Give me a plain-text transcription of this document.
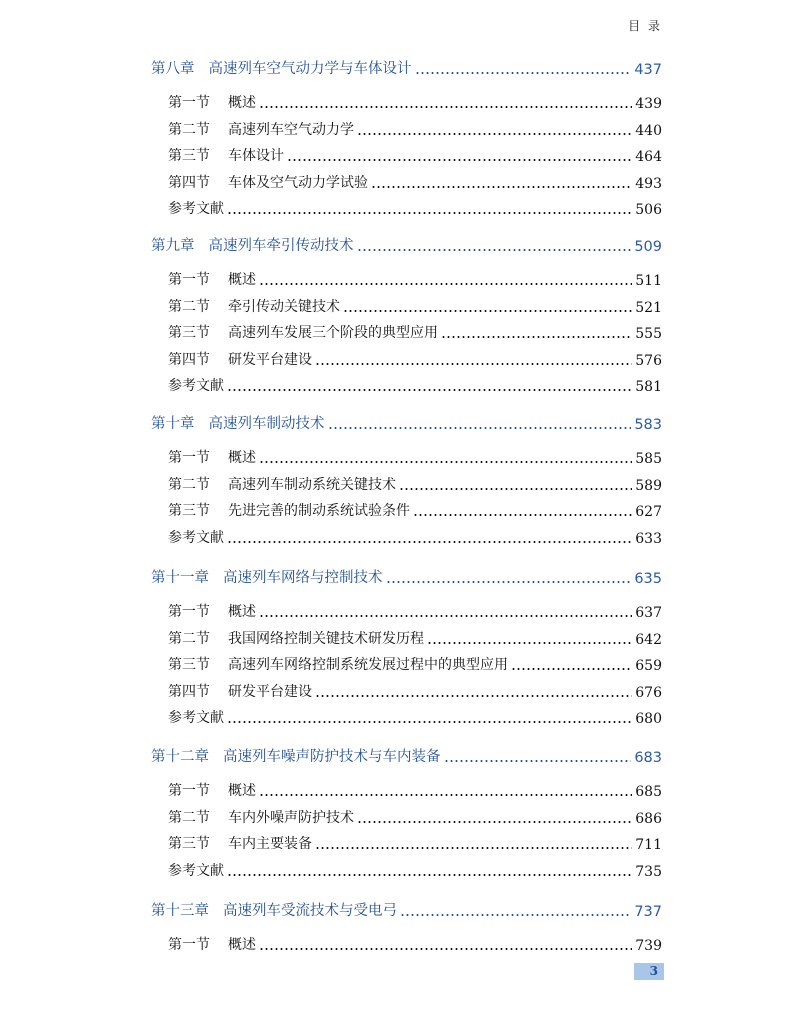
目 录
第八章 高速列车空气动力学与车体设计	437
第一节	概述	439
第二节	高速列车空气动力学	440
第三节	车体设计	464
第四节	车体及空气动力学试验	493
参考文献	506
第九章 高速列车牵引传动技术	509
第一节	概述	511
第二节	牵引传动关键技术	521
第三节	高速列车发展三个阶段的典型应用	555
第四节	研发平台建设	576
参考文献	581
第十章 高速列车制动技术	583
第一节	概述	585
第二节	高速列车制动系统关键技术	589
第三节	先进完善的制动系统试验条件	627
参考文献	633
第十一章 高速列车网络与控制技术	635
第一节	概述	637
第二节	我国网络控制关键技术研发历程	642
第三节	高速列车网络控制系统发展过程中的典型应用	659
第四节	研发平台建设	676
参考文献	680
第十二章 高速列车噪声防护技术与车内装备	683
第一节	概述	685
第二节	车内外噪声防护技术	686
第三节	车内主要装备	711
参考文献	735
第十三章 高速列车受流技术与受电弓	737
第一节	概述	739
3
